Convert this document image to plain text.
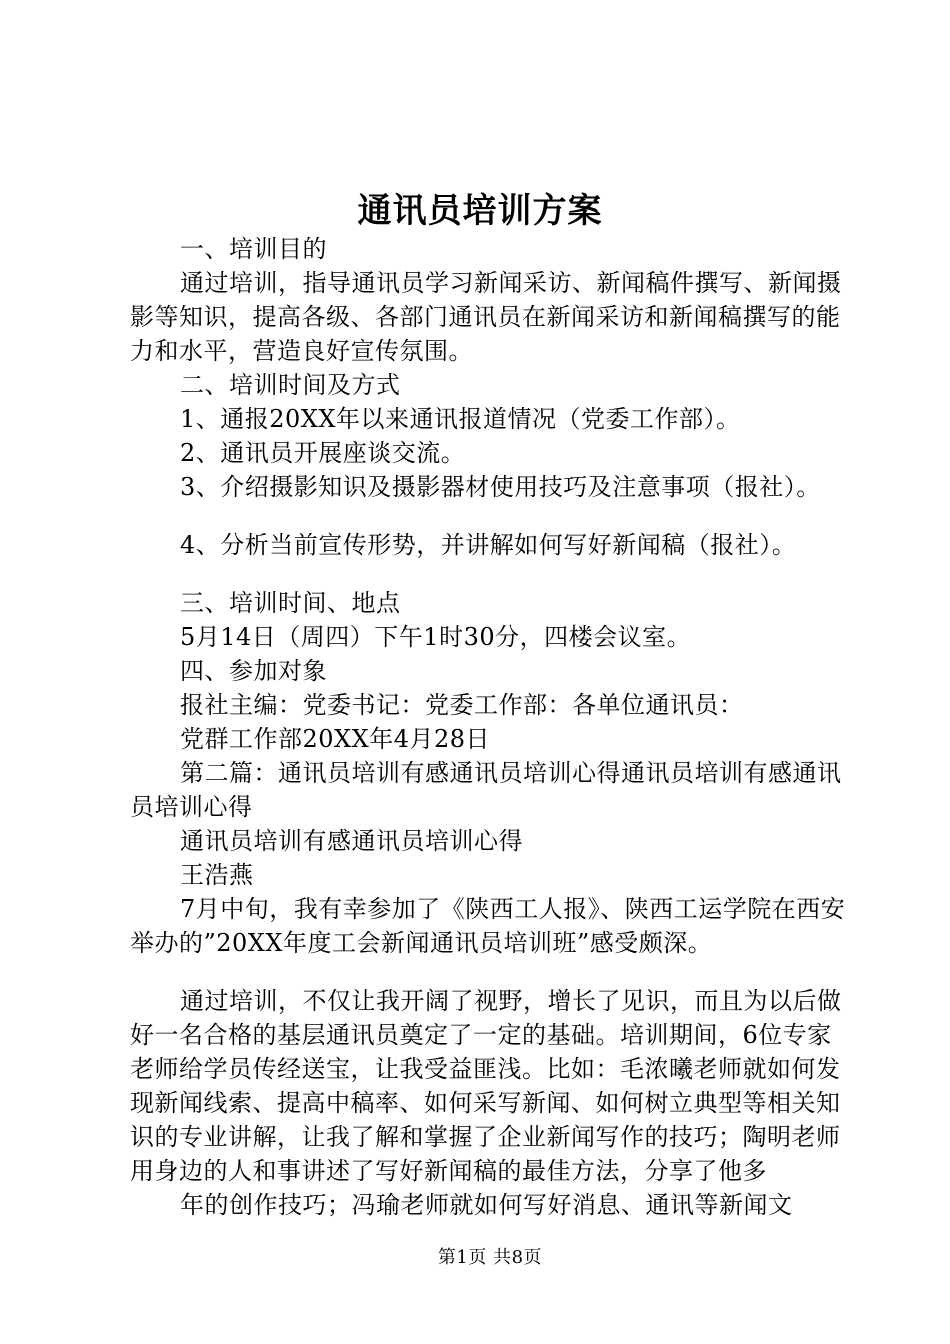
通讯员培训方案

一、培训目的

通过培训，指导通讯员学习新闻采访、新闻稿件撰写、新闻摄影等知识，提高各级、各部门通讯员在新闻采访和新闻稿撰写的能力和水平，营造良好宣传氛围。

二、培训时间及方式

1、通报20XX年以来通讯报道情况（党委工作部）。

2、通讯员开展座谈交流。

3、介绍摄影知识及摄影器材使用技巧及注意事项（报社）。

4、分析当前宣传形势，并讲解如何写好新闻稿（报社）。

三、培训时间、地点

5月14日（周四）下午1时30分，四楼会议室。

四、参加对象

报社主编：党委书记：党委工作部：各单位通讯员：

党群工作部20XX年4月28日

第二篇：通讯员培训有感通讯员培训心得通讯员培训有感通讯员培训心得

通讯员培训有感通讯员培训心得

王浩燕

7月中旬，我有幸参加了《陕西工人报》、陕西工运学院在西安举办的”20XX年度工会新闻通讯员培训班”感受颇深。

通过培训，不仅让我开阔了视野，增长了见识，而且为以后做好一名合格的基层通讯员奠定了一定的基础。培训期间，6位专家老师给学员传经送宝，让我受益匪浅。比如：毛浓曦老师就如何发现新闻线索、提高中稿率、如何采写新闻、如何树立典型等相关知识的专业讲解，让我了解和掌握了企业新闻写作的技巧；陶明老师用身边的人和事讲述了写好新闻稿的最佳方法，分享了他多

年的创作技巧；冯瑜老师就如何写好消息、通讯等新闻文

第1页 共8页
